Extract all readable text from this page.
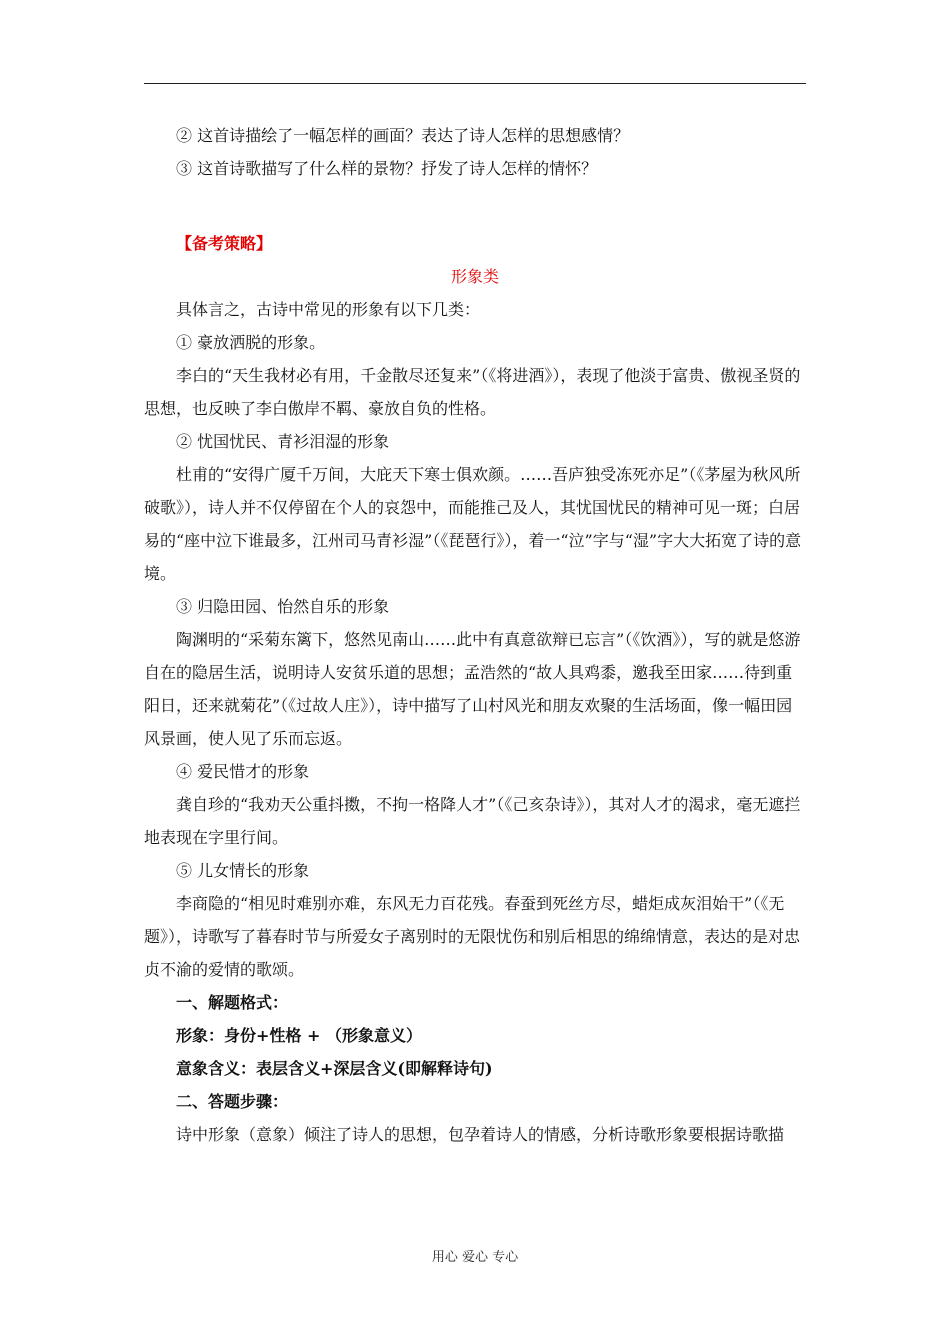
② 这首诗描绘了一幅怎样的画面？表达了诗人怎样的思想感情？

③ 这首诗歌描写了什么样的景物？抒发了诗人怎样的情怀？

【备考策略】

形象类

具体言之，古诗中常见的形象有以下几类：

① 豪放洒脱的形象。

李白的“天生我材必有用，千金散尽还复来”（《将进酒》），表现了他淡于富贵、傲视圣贤的思想，也反映了李白傲岸不羁、豪放自负的性格。

② 忧国忧民、青衫泪湿的形象

杜甫的“安得广厦千万间，大庇天下寒士俱欢颜。……吾庐独受冻死亦足”（《茅屋为秋风所破歌》），诗人并不仅停留在个人的哀怨中，而能推己及人，其忧国忧民的精神可见一斑；白居易的“座中泣下谁最多，江州司马青衫湿”（《琵琶行》），着一“泣”字与“湿”字大大拓宽了诗的意境。

③ 归隐田园、怡然自乐的形象

陶渊明的“采菊东篱下，悠然见南山……此中有真意欲辩已忘言”（《饮酒》），写的就是悠游自在的隐居生活，说明诗人安贫乐道的思想；孟浩然的“故人具鸡黍，邀我至田家……待到重阳日，还来就菊花”（《过故人庄》），诗中描写了山村风光和朋友欢聚的生活场面，像一幅田园风景画，使人见了乐而忘返。

④ 爱民惜才的形象

龚自珍的“我劝天公重抖擞，不拘一格降人才”（《己亥杂诗》），其对人才的渴求，毫无遮拦地表现在字里行间。

⑤ 儿女情长的形象

李商隐的“相见时难别亦难，东风无力百花残。春蚕到死丝方尽，蜡炬成灰泪始干”（《无题》），诗歌写了暮春时节与所爱女子离别时的无限忧伤和别后相思的绵绵情意，表达的是对忠贞不渝的爱情的歌颂。

一、解题格式：

形象：身份+性格 + （形象意义）

意象含义：表层含义+深层含义(即解释诗句)

二、答题步骤：

诗中形象（意象）倾注了诗人的思想，包孕着诗人的情感，分析诗歌形象要根据诗歌描

用心 爱心 专心
